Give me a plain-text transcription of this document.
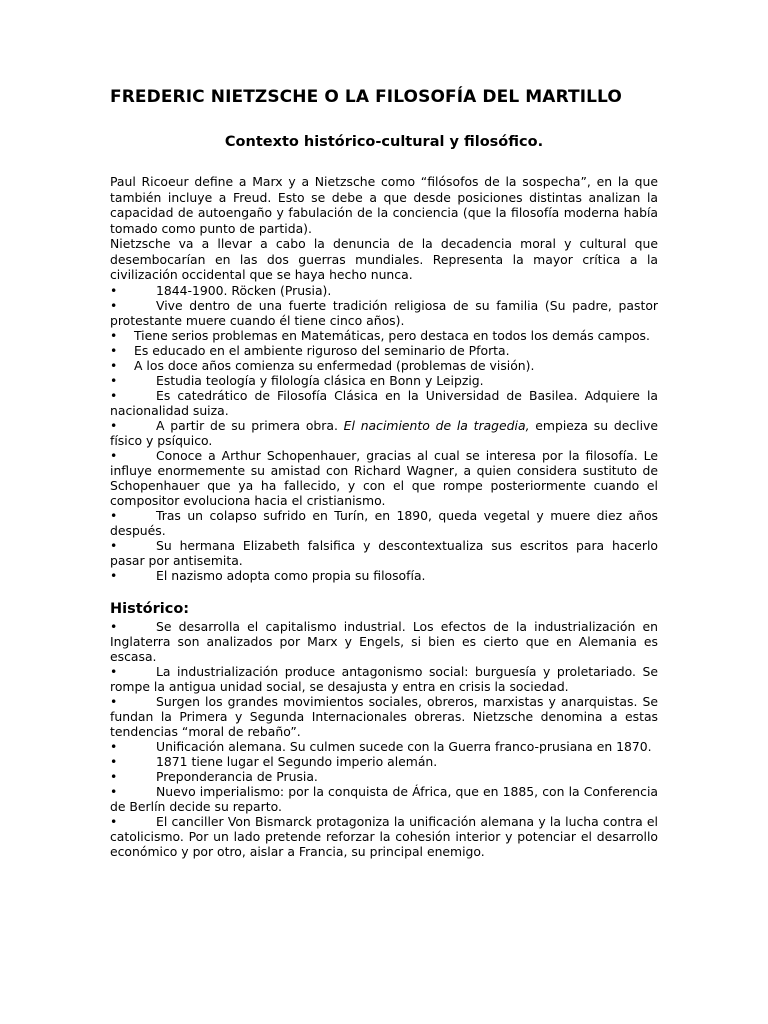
FREDERIC NIETZSCHE O LA FILOSOFÍA DEL MARTILLO
Contexto histórico-cultural y filosófico.

Paul Ricoeur define a Marx y a Nietzsche como “filósofos de la sospecha”, en la que también incluye a Freud. Esto se debe a que desde posiciones distintas analizan la capacidad de autoengaño y fabulación de la conciencia (que la filosofía moderna había tomado como punto de partida).

Nietzsche va a llevar a cabo la denuncia de la decadencia moral y cultural que desembocarían en las dos guerras mundiales. Representa la mayor crítica a la civilización occidental que se haya hecho nunca.

•	1844-1900. Röcken (Prusia).
•	Vive dentro de una fuerte tradición religiosa de su familia (Su padre, pastor protestante muere cuando él tiene cinco años).
• Tiene serios problemas en Matemáticas, pero destaca en todos los demás campos.
• Es educado en el ambiente riguroso del seminario de Pforta.
• A los doce años comienza su enfermedad (problemas de visión).
•	Estudia teología y filología clásica en Bonn y Leipzig.
•	Es catedrático de Filosofía Clásica en la Universidad de Basilea. Adquiere la nacionalidad suiza.
•	A partir de su primera obra. El nacimiento de la tragedia, empieza su declive físico y psíquico.
•	Conoce a Arthur Schopenhauer, gracias al cual se interesa por la filosofía. Le influye enormemente su amistad con Richard Wagner, a quien considera sustituto de Schopenhauer que ya ha fallecido, y con el que rompe posteriormente cuando el compositor evoluciona hacia el cristianismo.
•	Tras un colapso sufrido en Turín, en 1890, queda vegetal y muere diez años después.
•	Su hermana Elizabeth falsifica y descontextualiza sus escritos para hacerlo pasar por antisemita.
•	El nazismo adopta como propia su filosofía.
Histórico:
•	Se desarrolla el capitalismo industrial. Los efectos de la industrialización en Inglaterra son analizados por Marx y Engels, si bien es cierto que en Alemania es escasa.
•	La industrialización produce antagonismo social: burguesía y proletariado. Se rompe la antigua unidad social, se desajusta y entra en crisis la sociedad.
•	Surgen los grandes movimientos sociales, obreros, marxistas y anarquistas. Se fundan la Primera y Segunda Internacionales obreras. Nietzsche denomina a estas tendencias “moral de rebaño”.
•	Unificación alemana. Su culmen sucede con la Guerra franco-prusiana en 1870.
•	1871 tiene lugar el Segundo imperio alemán.
•	Preponderancia de Prusia.
•	Nuevo imperialismo: por la conquista de África, que en 1885, con la Conferencia de Berlín decide su reparto.
•	El canciller Von Bismarck protagoniza la unificación alemana y la lucha contra el catolicismo. Por un lado pretende reforzar la cohesión interior y potenciar el desarrollo económico y por otro, aislar a Francia, su principal enemigo.
